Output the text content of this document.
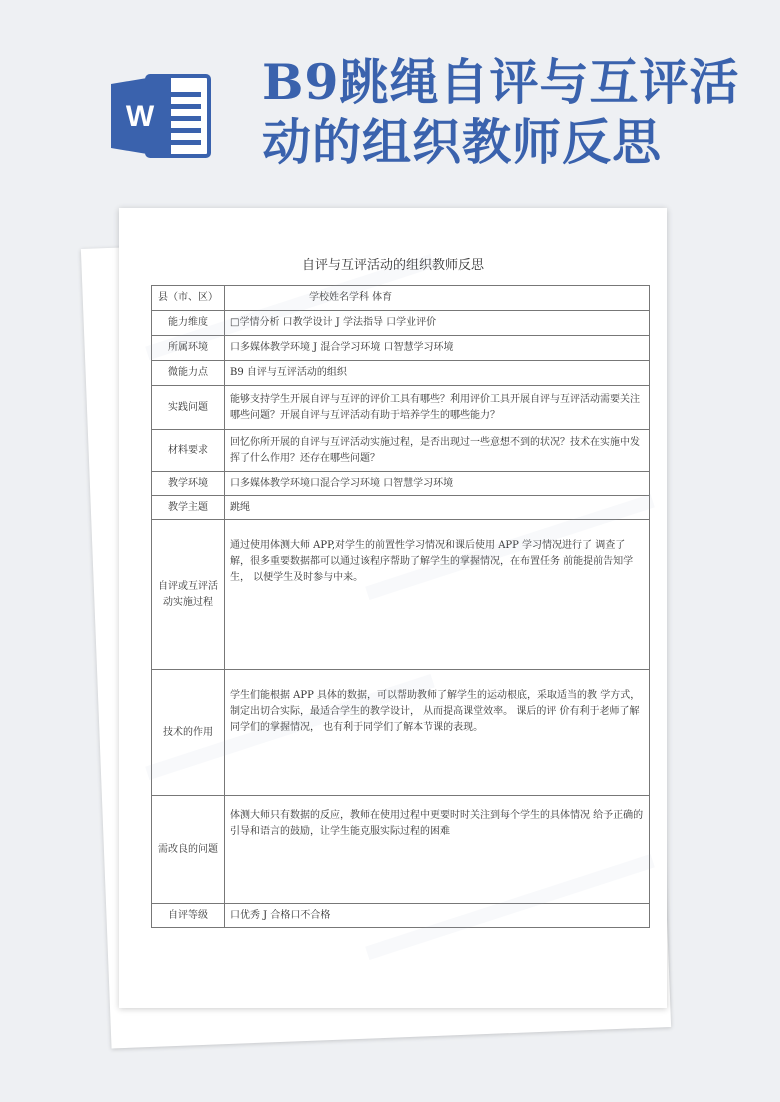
W
B9跳绳自评与互评活动的组织教师反思
自评与互评活动的组织教师反思
县（市、区）	学校姓名学科 体育
能力维度	□学情分析 口教学设计 J 学法指导 口学业评价
所属环境	口多媒体教学环境 J 混合学习环境 口智慧学习环境
微能力点	B9 自评与互评活动的组织
实践问题	能够支持学生开展自评与互评的评价工具有哪些？利用评价工具开展自评与互评活动需要关注哪些问题？开展自评与互评活动有助于培养学生的哪些能力？
材料要求	回忆你所开展的自评与互评活动实施过程，是否出现过一些意想不到的状况？技术在实施中发挥了什么作用？还存在哪些问题？
教学环境	口多媒体教学环境口混合学习环境 口智慧学习环境
教学主题	跳绳
自评或互评活动实施过程	通过使用体测大师 APP,对学生的前置性学习情况和课后使用 APP 学习情况进行了 调查了解，很多重要数据都可以通过该程序帮助了解学生的掌握情况，在布置任务 前能提前告知学生， 以便学生及时参与中来。
技术的作用	学生们能根据 APP 具体的数据，可以帮助教师了解学生的运动根底，采取适当的教 学方式，制定出切合实际，最适合学生的教学设计， 从而提高课堂效率。 课后的评 价有利于老师了解同学们的掌握情况， 也有利于同学们了解本节课的表现。
需改良的问题	体测大师只有数据的反应，教师在使用过程中更要时时关注到每个学生的具体情况 给予正确的引导和语言的鼓励，让学生能克服实际过程的困难
自评等级	口优秀 J 合格口不合格
